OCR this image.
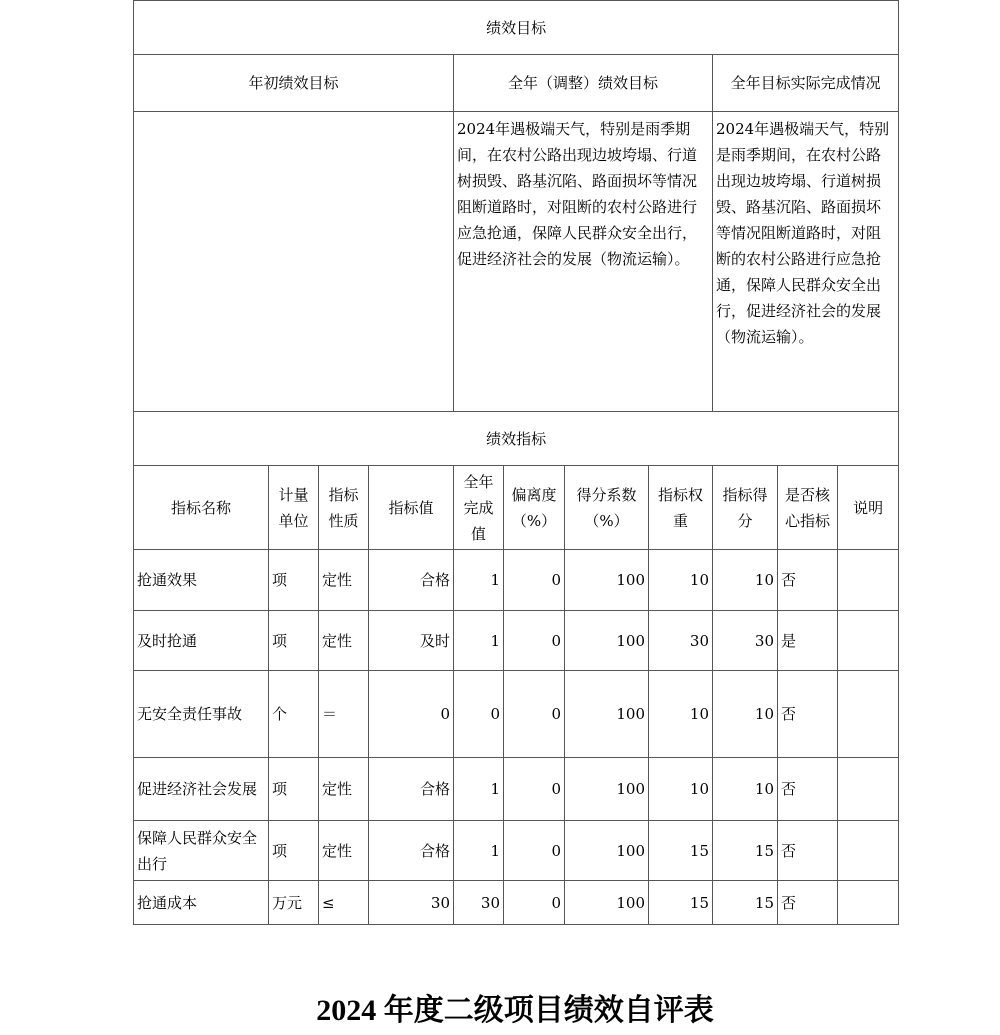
绩效目标										
年初绩效目标				全年（调整）绩效目标				全年目标实际完成情况		
				2024年遇极端天气，特别是雨季期间，在农村公路出现边坡垮塌、行道树损毁、路基沉陷、路面损坏等情况阻断道路时，对阻断的农村公路进行应急抢通，保障人民群众安全出行，促进经济社会的发展（物流运输）。				2024年遇极端天气，特别是雨季期间，在农村公路出现边坡垮塌、行道树损毁、路基沉陷、路面损坏等情况阻断道路时，对阻断的农村公路进行应急抢通，保障人民群众安全出行，促进经济社会的发展（物流运输）。		
绩效指标										
指标名称	计量单位	指标性质	指标值	全年完成值	偏离度（%）	得分系数（%）	指标权重	指标得分	是否核心指标	说明
抢通效果	项	定性	合格	1	0	100	10	10	否	
及时抢通	项	定性	及时	1	0	100	30	30	是	
无安全责任事故	个	＝	0	0	0	100	10	10	否	
促进经济社会发展	项	定性	合格	1	0	100	10	10	否	
保障人民群众安全出行	项	定性	合格	1	0	100	15	15	否	
抢通成本	万元	≤	30	30	0	100	15	15	否	
2024 年度二级项目绩效自评表
